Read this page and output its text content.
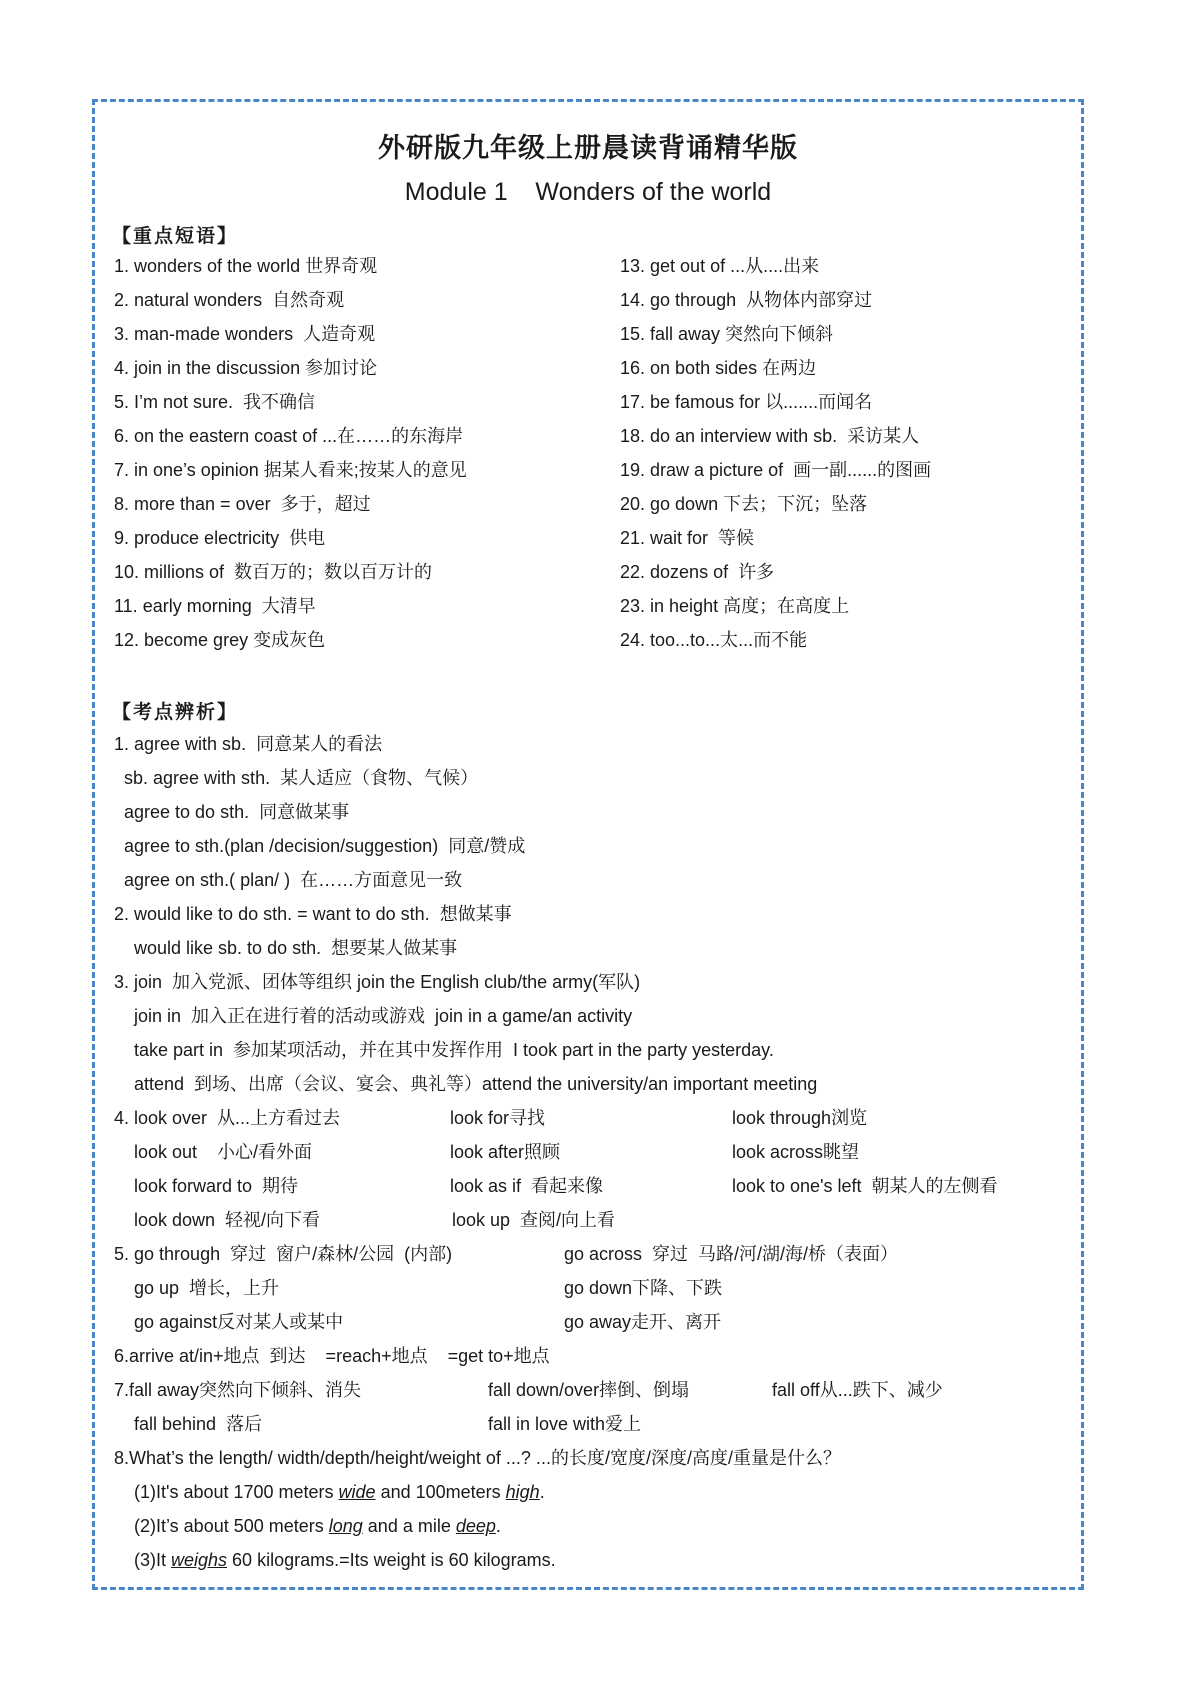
外研版九年级上册晨读背诵精华版
Module 1    Wonders of the world
【重点短语】
1. wonders of the world 世界奇观
2. natural wonders  自然奇观
3. man-made wonders  人造奇观
4. join in the discussion 参加讨论
5. I’m not sure.  我不确信
6. on the eastern coast of ...在……的东海岸
7. in one’s opinion 据某人看来;按某人的意见
8. more than = over  多于，超过
9. produce electricity  供电
10. millions of  数百万的；数以百万计的
11. early morning  大清早
12. become grey 变成灰色
13. get out of ...从....出来
14. go through  从物体内部穿过
15. fall away 突然向下倾斜
16. on both sides 在两边
17. be famous for 以.......而闻名
18. do an interview with sb.  采访某人
19. draw a picture of  画一副......的图画
20. go down 下去；下沉；坠落
21. wait for  等候
22. dozens of  许多
23. in height 高度；在高度上
24. too...to...太...而不能
【考点辨析】
1. agree with sb.  同意某人的看法
sb. agree with sth.  某人适应（食物、气候）
agree to do sth.  同意做某事
agree to sth.(plan /decision/suggestion)  同意/赞成
agree on sth.( plan/ )  在……方面意见一致
2. would like to do sth. = want to do sth.  想做某事
would like sb. to do sth.  想要某人做某事
3. join  加入党派、团体等组织 join the English club/the army(军队)
join in  加入正在进行着的活动或游戏  join in a game/an activity
take part in  参加某项活动，并在其中发挥作用  I took part in the party yesterday.
attend  到场、出席（会议、宴会、典礼等）attend the university/an important meeting
4. look over  从...上方看过去	look for寻找	look through浏览
look out    小心/看外面	look after照顾	look across眺望
look forward to  期待	look as if  看起来像	look to one's left  朝某人的左侧看
look down  轻视/向下看	look up  查阅/向上看
5. go through  穿过  窗户/森林/公园  (内部)	go across  穿过  马路/河/湖/海/桥（表面）
go up  增长，上升	go down下降、下跌
go against反对某人或某中	go away走开、离开
6.arrive at/in+地点  到达    =reach+地点    =get to+地点
7.fall away突然向下倾斜、消失	fall down/over摔倒、倒塌	fall off从...跌下、减少
fall behind  落后	fall in love with爱上
8.What’s the length/ width/depth/height/weight of ...? ...的长度/宽度/深度/高度/重量是什么？
(1)It's about 1700 meters wide and 100meters high.
(2)It’s about 500 meters long and a mile deep.
(3)It weighs 60 kilograms.=Its weight is 60 kilograms.
